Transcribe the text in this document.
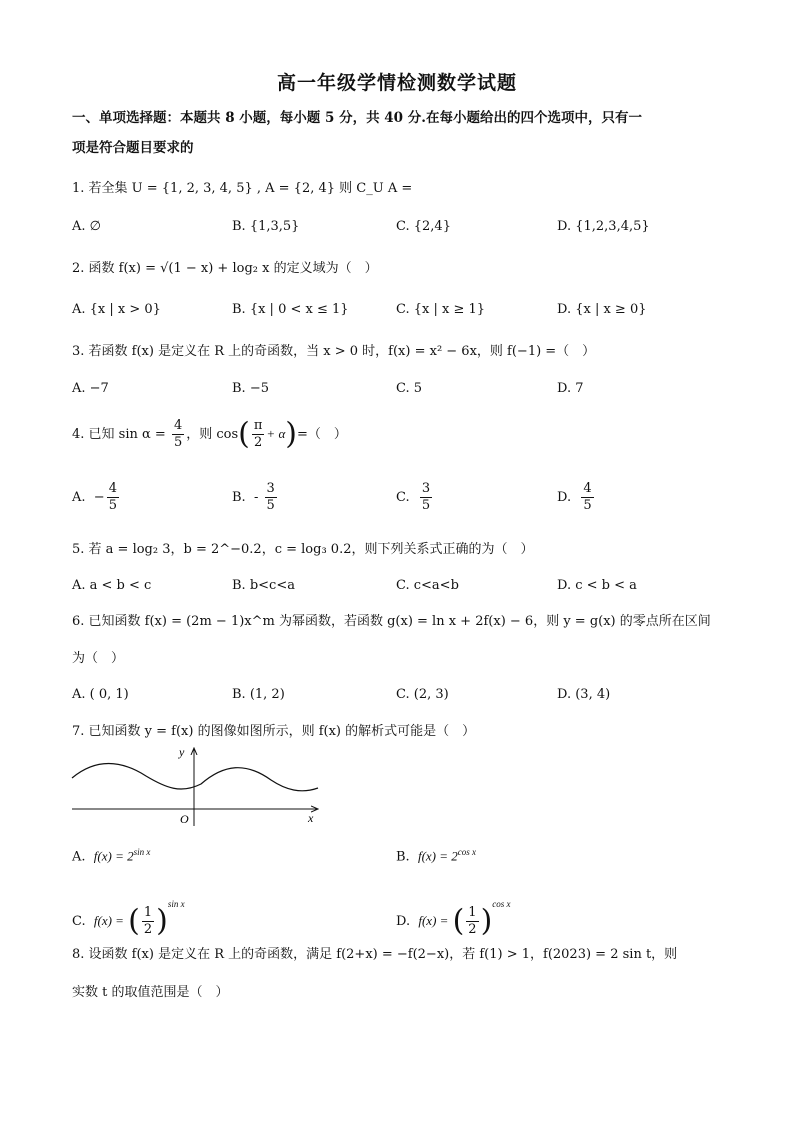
高一年级学情检测数学试题
一、单项选择题：本题共 8 小题，每小题 5 分，共 40 分.在每小题给出的四个选项中，只有一
项是符合题目要求的
1. 若全集 U = {1, 2, 3, 4, 5} , A = {2, 4} 则 C_U A =
A. ∅	B. {1,3,5}	C. {2,4}	D. {1,2,3,4,5}
2. 函数 f(x) = √(1 − x) + log₂ x 的定义域为（　）
A. {x | x > 0}	B. {x | 0 < x ≤ 1}	C. {x | x ≥ 1}	D. {x | x ≥ 0}
3. 若函数 f(x) 是定义在 R 上的奇函数，当 x > 0 时，f(x) = x² − 6x，则 f(−1) =（　）
A. −7	B. −5	C. 5	D. 7
4. 已知 $\sin \alpha = \frac{4}{5}$ ，则 $\cos( \frac{\pi}{2} + \alpha)=$（　）
A. − $\frac{4}{5}$	B. - $\frac{3}{5}$	C. $\frac{3}{5}$	D. $\frac{4}{5}$
5. 若 a = log₂ 3，b = 2^−0.2，c = log₃ 0.2，则下列关系式正确的为（　）
A. a < b < c	B. b<c<a	C. c<a<b	D. c < b < a
6. 已知函数 f(x) = (2m − 1)x^m 为幂函数，若函数 g(x) = ln x + 2f(x) − 6，则 y = g(x) 的零点所在区间
为（　）
A. ( 0, 1)	B. (1, 2)	C. (2, 3)	D. (3, 4)
7. 已知函数 y = f(x) 的图像如图所示，则 f(x) 的解析式可能是（　）
y
x
O
A. $f(x) = 2^{sin x}$	B. $f(x) = 2^{cos x}$
C. f(x) = ( $\frac{1}{2} )^{sin x}$
D. f(x) = ( $\frac{1}{2} )^{cos x}$
8. 设函数 f(x) 是定义在 R 上的奇函数，满足 f(2+x) = −f(2−x)，若 f(1) > 1，f(2023) = 2 sin t，则
实数 t 的取值范围是（　）
